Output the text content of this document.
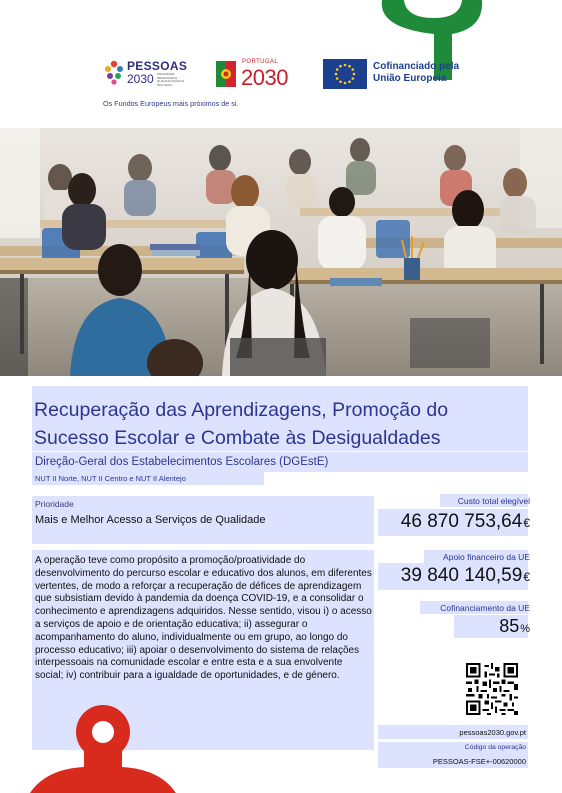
PESSOAS
2030 PROGRAMA DEMOGRAFIA QUALIFICAÇÕES E INCLUSÃO
PORTUGAL
2030	Cofinanciado pela
União Europeia
Os Fundos Europeus mais próximos de si.
Recuperação das Aprendizagens, Promoção do Sucesso Escolar e Combate às Desigualdades
Direção-Geral dos Estabelecimentos Escolares (DGEstE)
NUT II Norte, NUT II Centro e NUT II Alentejo
Prioridade
Mais e Melhor Acesso a Serviços de Qualidade
A operação teve como propósito a promoção/proatividade do desenvolvimento do percurso escolar e educativo dos alunos, em diferentes vertentes, de modo a reforçar a recuperação de défices de aprendizagem que subsistiam devido à pandemia da doença COVID-19, e a consolidar o conhecimento e aprendizagens adquiridos. Nesse sentido, visou i) o acesso a serviços de apoio e de orientação educativa; ii) assegurar o acompanhamento do aluno, individualmente ou em grupo, ao longo do processo educativo; iii) apoiar o desenvolvimento do sistema de relações interpessoais na comunidade escolar e entre esta e a sua envolvente social; iv) contribuir para a igualdade de oportunidades, e de género.
Custo total elegível
46 870 753,64€
Apoio financeiro da UE
39 840 140,59€
Cofinanciamento da UE
85%
pessoas2030.gov.pt
Código da operação
PESSOAS-FSE+-00620000
